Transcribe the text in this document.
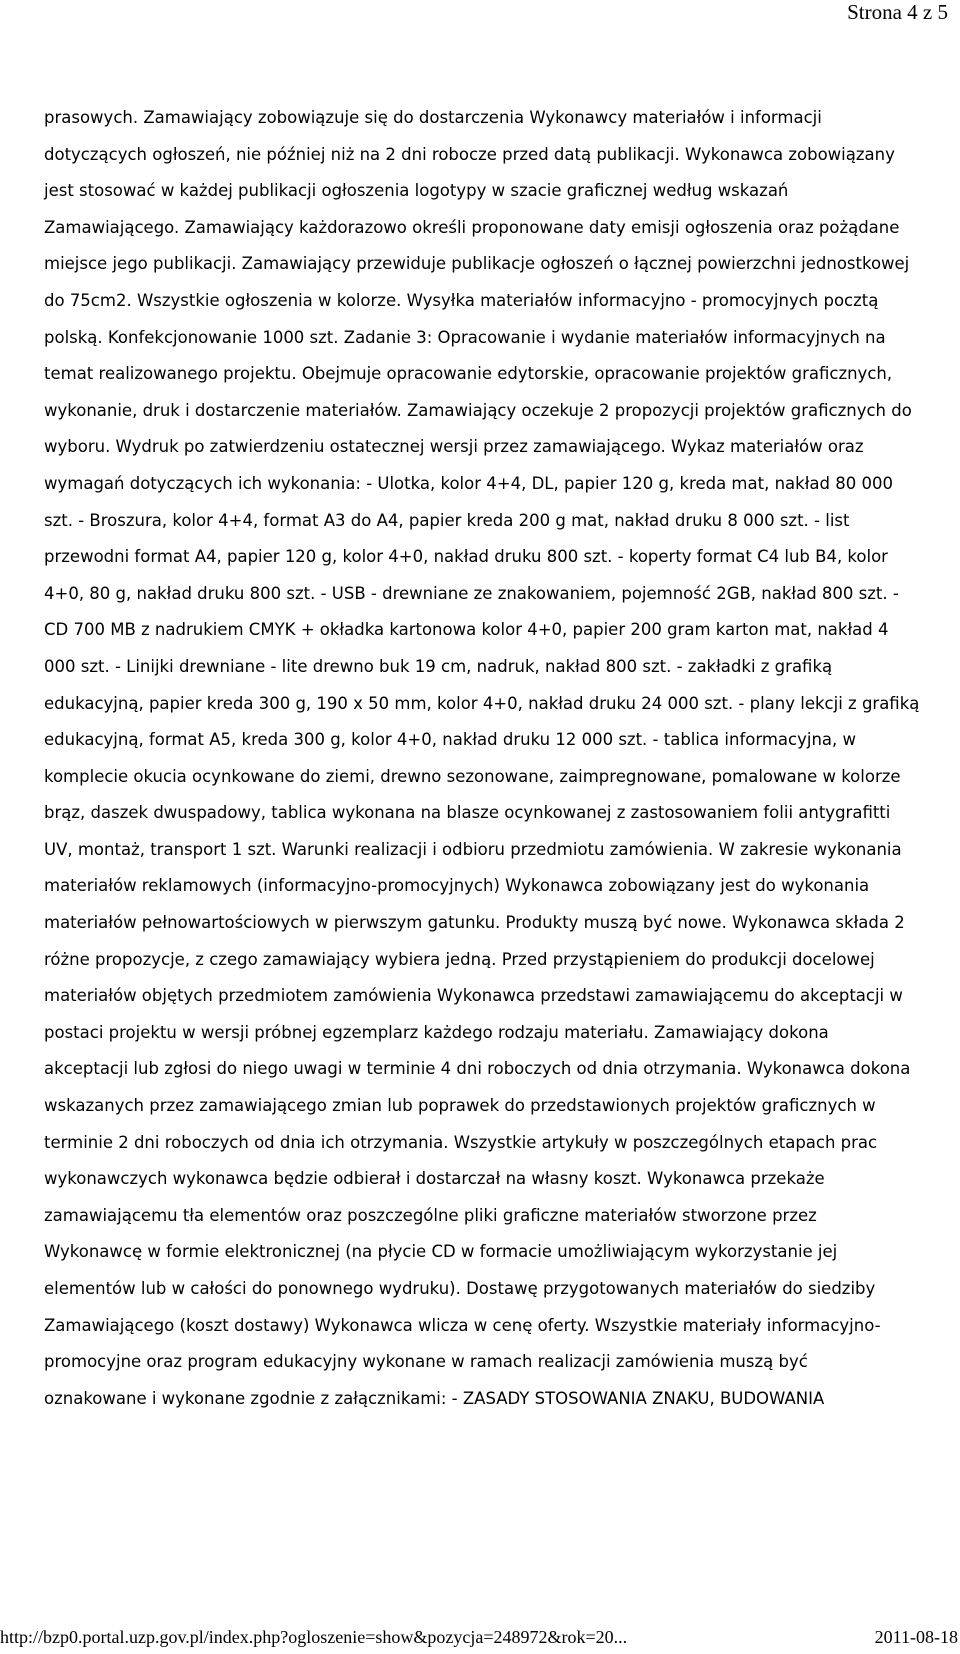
Strona 4 z 5
prasowych. Zamawiający zobowiązuje się do dostarczenia Wykonawcy materiałów i informacji
dotyczących ogłoszeń, nie później niż na 2 dni robocze przed datą publikacji. Wykonawca zobowiązany
jest stosować w każdej publikacji ogłoszenia logotypy w szacie graficznej według wskazań
Zamawiającego. Zamawiający każdorazowo określi proponowane daty emisji ogłoszenia oraz pożądane
miejsce jego publikacji. Zamawiający przewiduje publikacje ogłoszeń o łącznej powierzchni jednostkowej
do 75cm2. Wszystkie ogłoszenia w kolorze. Wysyłka materiałów informacyjno - promocyjnych pocztą
polską. Konfekcjonowanie 1000 szt. Zadanie 3: Opracowanie i wydanie materiałów informacyjnych na
temat realizowanego projektu. Obejmuje opracowanie edytorskie, opracowanie projektów graficznych,
wykonanie, druk i dostarczenie materiałów. Zamawiający oczekuje 2 propozycji projektów graficznych do
wyboru. Wydruk po zatwierdzeniu ostatecznej wersji przez zamawiającego. Wykaz materiałów oraz
wymagań dotyczących ich wykonania: - Ulotka, kolor 4+4, DL, papier 120 g, kreda mat, nakład 80 000
szt. - Broszura, kolor 4+4, format A3 do A4, papier kreda 200 g mat, nakład druku 8 000 szt. - list
przewodni format A4, papier 120 g, kolor 4+0, nakład druku 800 szt. - koperty format C4 lub B4, kolor
4+0, 80 g, nakład druku 800 szt. - USB - drewniane ze znakowaniem, pojemność 2GB, nakład 800 szt. -
CD 700 MB z nadrukiem CMYK + okładka kartonowa kolor 4+0, papier 200 gram karton mat, nakład 4
000 szt. - Linijki drewniane - lite drewno buk 19 cm, nadruk, nakład 800 szt. - zakładki z grafiką
edukacyjną, papier kreda 300 g, 190 x 50 mm, kolor 4+0, nakład druku 24 000 szt. - plany lekcji z grafiką
edukacyjną, format A5, kreda 300 g, kolor 4+0, nakład druku 12 000 szt. - tablica informacyjna, w
komplecie okucia ocynkowane do ziemi, drewno sezonowane, zaimpregnowane, pomalowane w kolorze
brąz, daszek dwuspadowy, tablica wykonana na blasze ocynkowanej z zastosowaniem folii antygrafitti
UV, montaż, transport 1 szt. Warunki realizacji i odbioru przedmiotu zamówienia. W zakresie wykonania
materiałów reklamowych (informacyjno-promocyjnych) Wykonawca zobowiązany jest do wykonania
materiałów pełnowartościowych w pierwszym gatunku. Produkty muszą być nowe. Wykonawca składa 2
różne propozycje, z czego zamawiający wybiera jedną. Przed przystąpieniem do produkcji docelowej
materiałów objętych przedmiotem zamówienia Wykonawca przedstawi zamawiającemu do akceptacji w
postaci projektu w wersji próbnej egzemplarz każdego rodzaju materiału. Zamawiający dokona
akceptacji lub zgłosi do niego uwagi w terminie 4 dni roboczych od dnia otrzymania. Wykonawca dokona
wskazanych przez zamawiającego zmian lub poprawek do przedstawionych projektów graficznych w
terminie 2 dni roboczych od dnia ich otrzymania. Wszystkie artykuły w poszczególnych etapach prac
wykonawczych wykonawca będzie odbierał i dostarczał na własny koszt. Wykonawca przekaże
zamawiającemu tła elementów oraz poszczególne pliki graficzne materiałów stworzone przez
Wykonawcę w formie elektronicznej (na płycie CD w formacie umożliwiającym wykorzystanie jej
elementów lub w całości do ponownego wydruku). Dostawę przygotowanych materiałów do siedziby
Zamawiającego (koszt dostawy) Wykonawca wlicza w cenę oferty. Wszystkie materiały informacyjno-
promocyjne oraz program edukacyjny wykonane w ramach realizacji zamówienia muszą być
oznakowane i wykonane zgodnie z załącznikami: - ZASADY STOSOWANIA ZNAKU, BUDOWANIA
http://bzp0.portal.uzp.gov.pl/index.php?ogloszenie=show&pozycja=248972&rok=20...	2011-08-18
